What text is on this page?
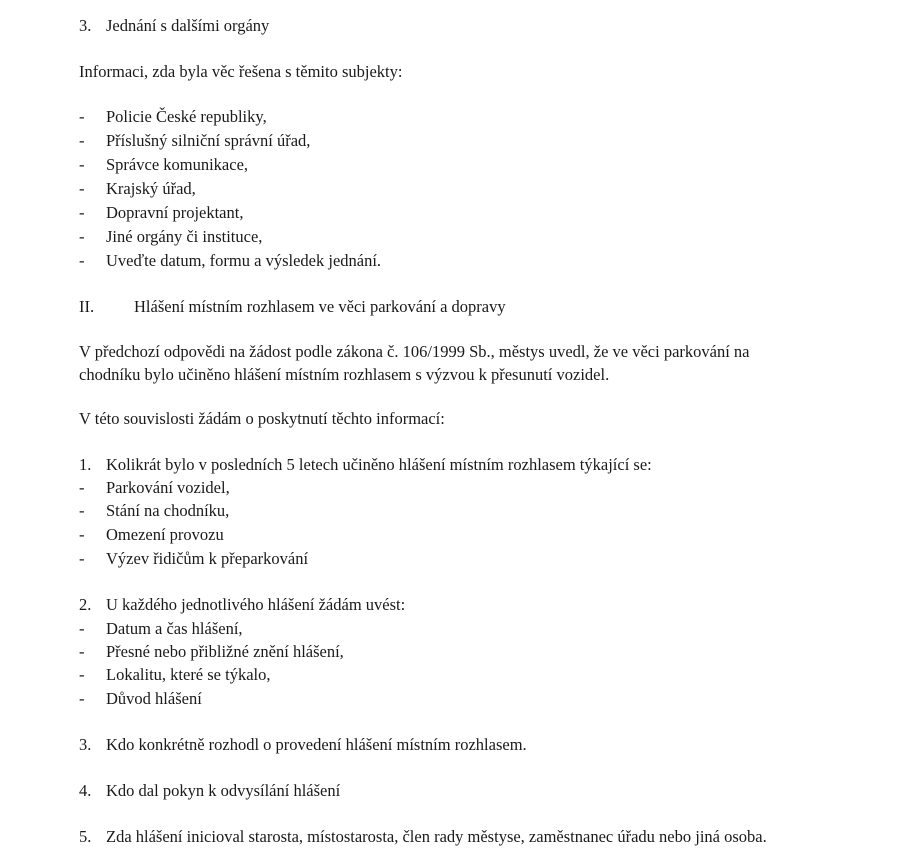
3. Jednání s dalšími orgány
Informaci, zda byla věc řešena s těmito subjekty:
- Policie České republiky,
- Příslušný silniční správní úřad,
- Správce komunikace,
- Krajský úřad,
- Dopravní projektant,
- Jiné orgány či instituce,
- Uveďte datum, formu a výsledek jednání.
II. Hlášení místním rozhlasem ve věci parkování a dopravy
V předchozí odpovědi na žádost podle zákona č. 106/1999 Sb., městys uvedl, že ve věci parkování na
chodníku bylo učiněno hlášení místním rozhlasem s výzvou k přesunutí vozidel.
V této souvislosti žádám o poskytnutí těchto informací:
1. Kolikrát bylo v posledních 5 letech učiněno hlášení místním rozhlasem týkající se:
- Parkování vozidel,
- Stání na chodníku,
- Omezení provozu
- Výzev řidičům k přeparkování
2. U každého jednotlivého hlášení žádám uvést:
- Datum a čas hlášení,
- Přesné nebo přibližné znění hlášení,
- Lokalitu, které se týkalo,
- Důvod hlášení
3. Kdo konkrétně rozhodl o provedení hlášení místním rozhlasem.
4. Kdo dal pokyn k odvysílání hlášení
5. Zda hlášení inicioval starosta, místostarosta, člen rady městyse, zaměstnanec úřadu nebo jiná osoba.
